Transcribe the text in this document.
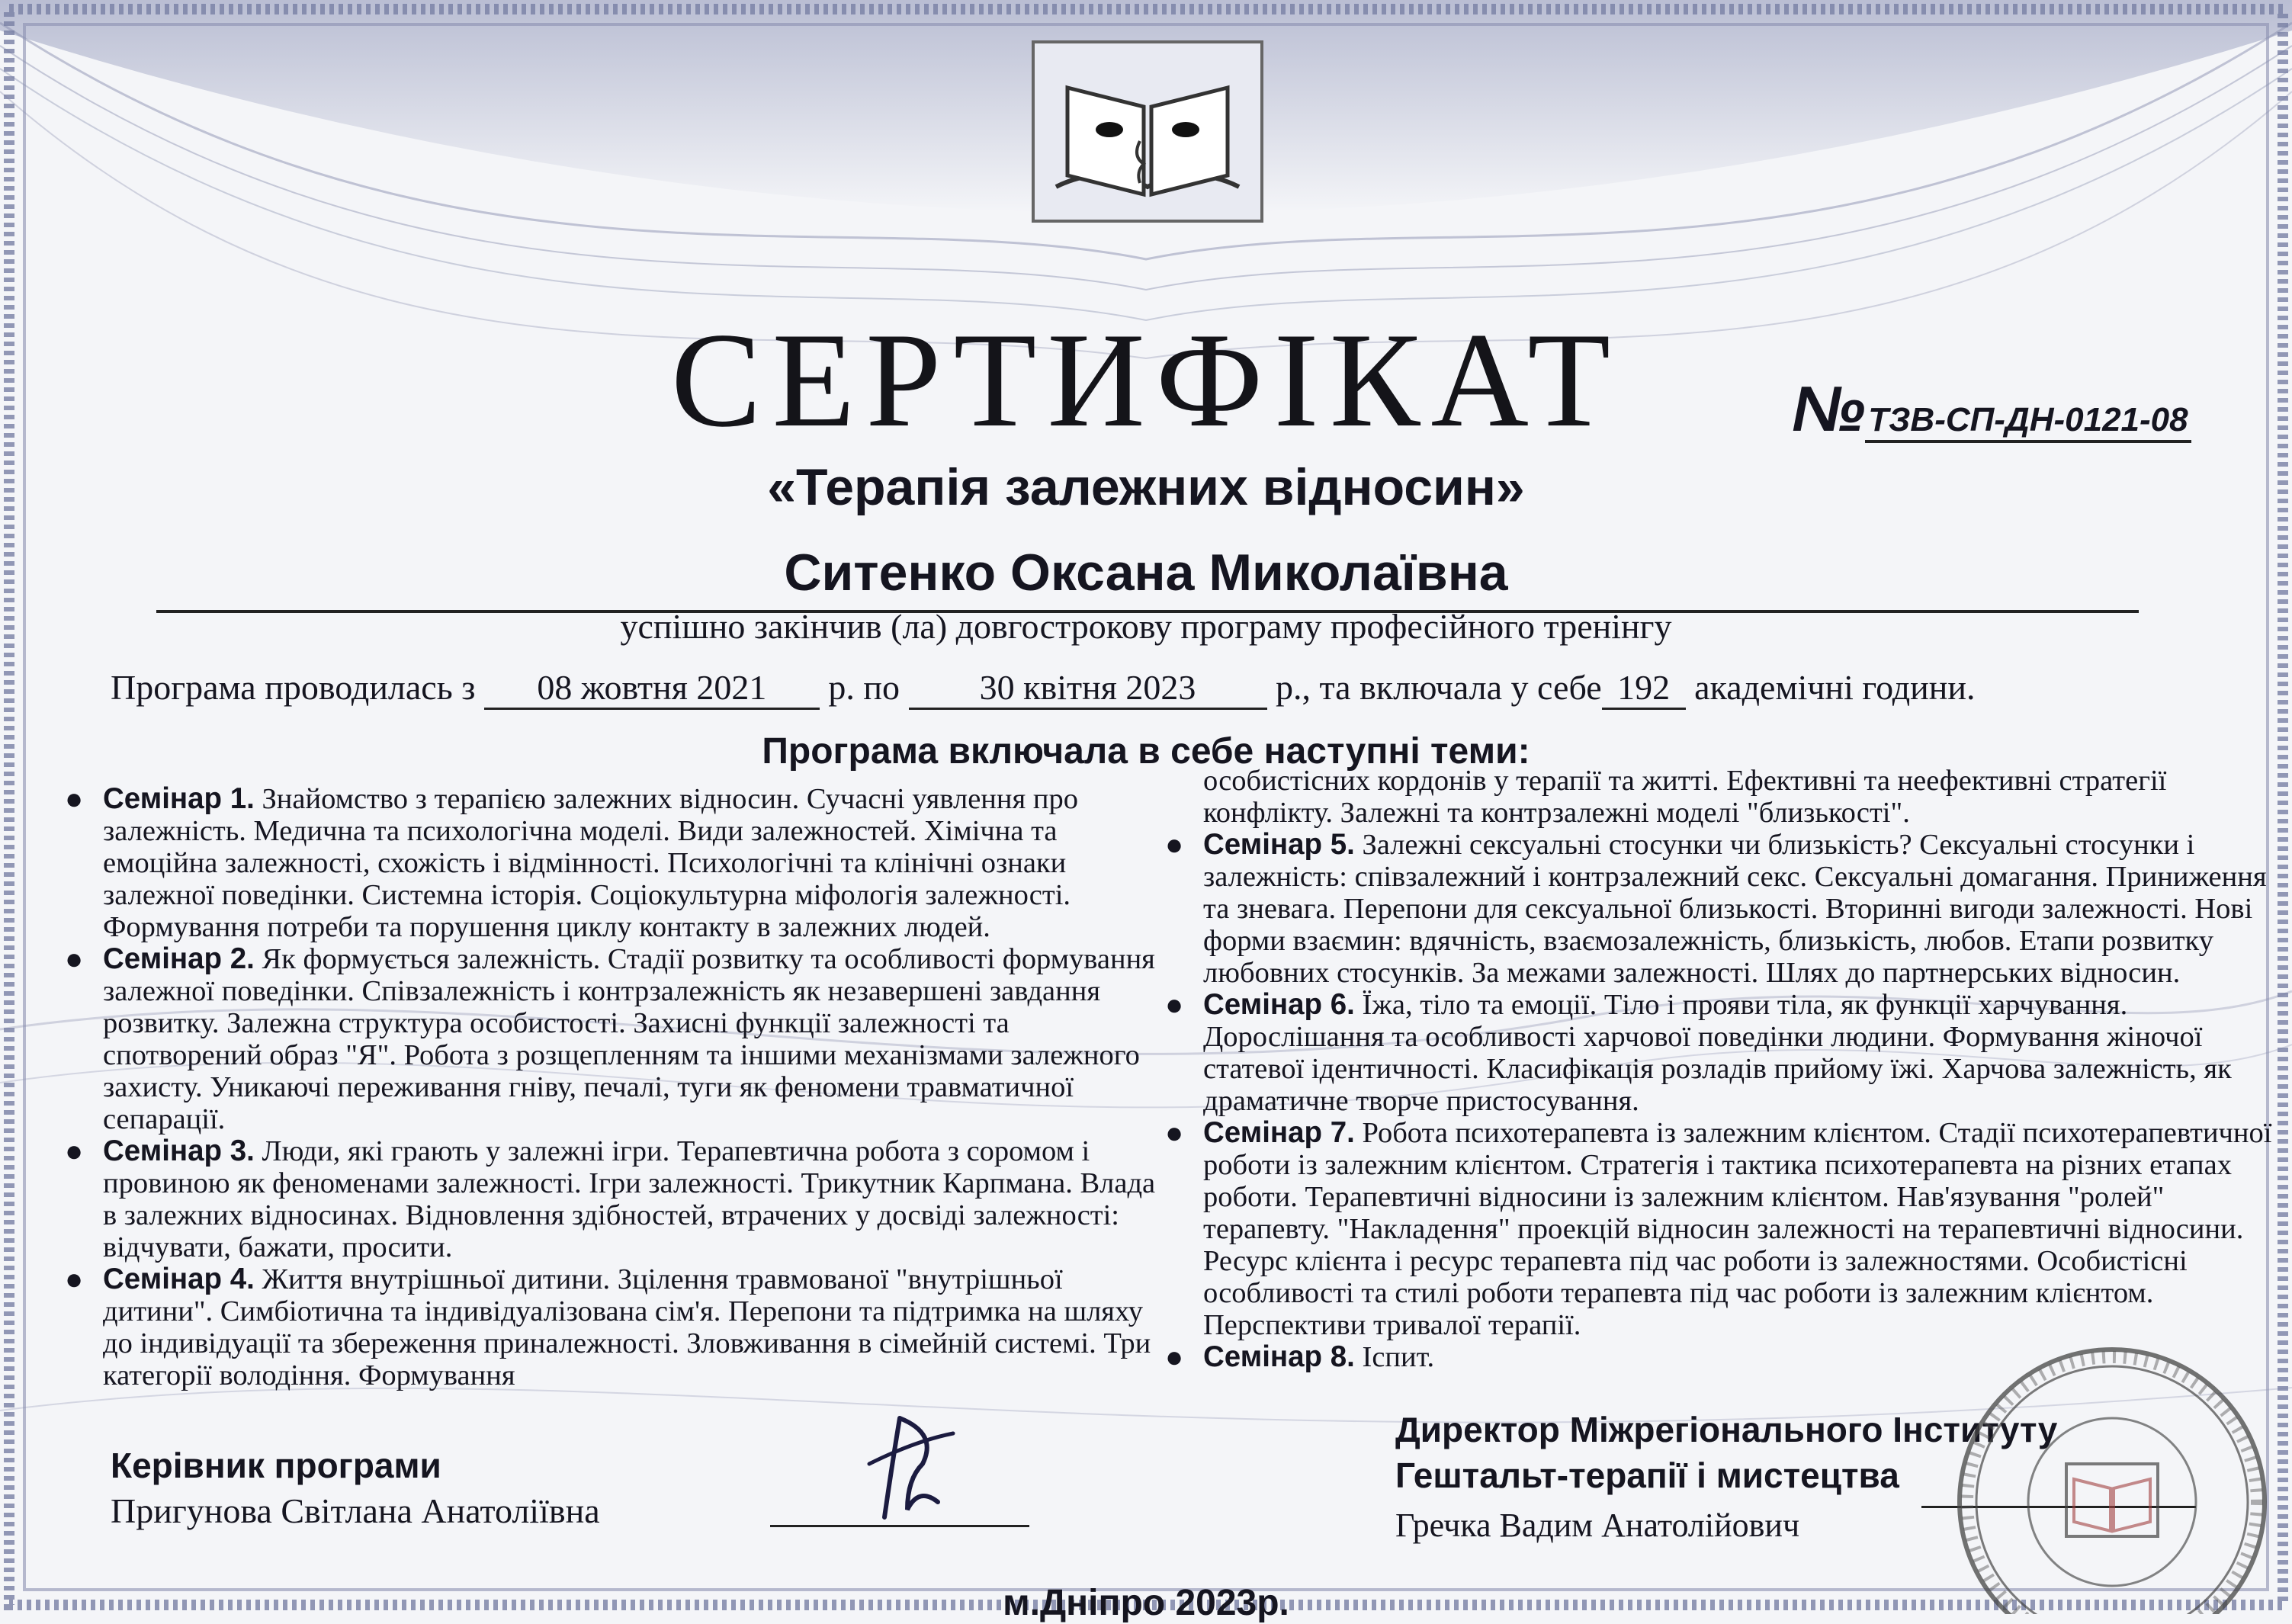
СЕРТИФІКАТ	№ТЗВ-СП-ДН-0121-08
«Терапія залежних відносин»
Ситенко Оксана Миколаївна
успішно закінчив (ла) довгострокову програму професійного тренінгу
Програма проводилась з 08 жовтня 2021 р. по 30 квітня 2023 р., та включала у себе 192 академічні години.
Програма включала в себе наступні теми:
● Семінар 1. Знайомство з терапією залежних відносин. Сучасні уявлення про залежність. Медична та психологічна моделі. Види залежностей. Хімічна та емоційна залежності, схожість і відмінності. Психологічні та клінічні ознаки залежної поведінки. Системна історія. Соціокультурна міфологія залежності. Формування потреби та порушення циклу контакту в залежних людей.
● Семінар 2. Як формується залежність. Стадії розвитку та особливості формування залежної поведінки. Співзалежність і контрзалежність як незавершені завдання розвитку. Залежна структура особистості. Захисні функції залежності та спотворений образ "Я". Робота з розщепленням та іншими механізмами залежного захисту. Уникаючі переживання гніву, печалі, туги як феномени травматичної сепарації.
● Семінар 3. Люди, які грають у залежні ігри. Терапевтична робота з соромом і провиною як феноменами залежності. Ігри залежності. Трикутник Карпмана. Влада в залежних відносинах. Відновлення здібностей, втрачених у досвіді залежності: відчувати, бажати, просити.
● Семінар 4. Життя внутрішньої дитини. Зцілення травмованої "внутрішньої дитини". Симбіотична та індивідуалізована сім'я. Перепони та підтримка на шляху до індивідуації та збереження приналежності. Зловживання в сімейній системі. Три категорії володіння. Формування
особистісних кордонів у терапії та житті. Ефективні та неефективні стратегії конфлікту. Залежні та контрзалежні моделі "близькості".
● Семінар 5. Залежні сексуальні стосунки чи близькість? Сексуальні стосунки і залежність: співзалежний і контрзалежний секс. Сексуальні домагання. Приниження та зневага. Перепони для сексуальної близькості. Вторинні вигоди залежності. Нові форми взаємин: вдячність, взаємозалежність, близькість, любов. Етапи розвитку любовних стосунків. За межами залежності. Шлях до партнерських відносин.
● Семінар 6. Їжа, тіло та емоції. Тіло і прояви тіла, як функції харчування. Дорослішання та особливості харчової поведінки людини. Формування жіночої статевої ідентичності. Класифікація розладів прийому їжі. Харчова залежність, як драматичне творче пристосування.
● Семінар 7. Робота психотерапевта із залежним клієнтом. Стадії психотерапевтичної роботи із залежним клієнтом. Стратегія і тактика психотерапевта на різних етапах роботи. Терапевтичні відносини із залежним клієнтом. Нав'язування "ролей" терапевту. "Накладення" проекцій відносин залежності на терапевтичні відносини. Ресурс клієнта і ресурс терапевта під час роботи із залежностями. Особистісні особливості та стилі роботи терапевта під час роботи із залежним клієнтом. Перспективи тривалої терапії.
● Семінар 8. Іспит.
Керівник програми
Пригунова Світлана Анатоліївна
Директор Міжрегіонального Інституту
Гештальт-терапії і мистецтва
Гречка Вадим Анатолійович
м.Дніпро 2023р.
